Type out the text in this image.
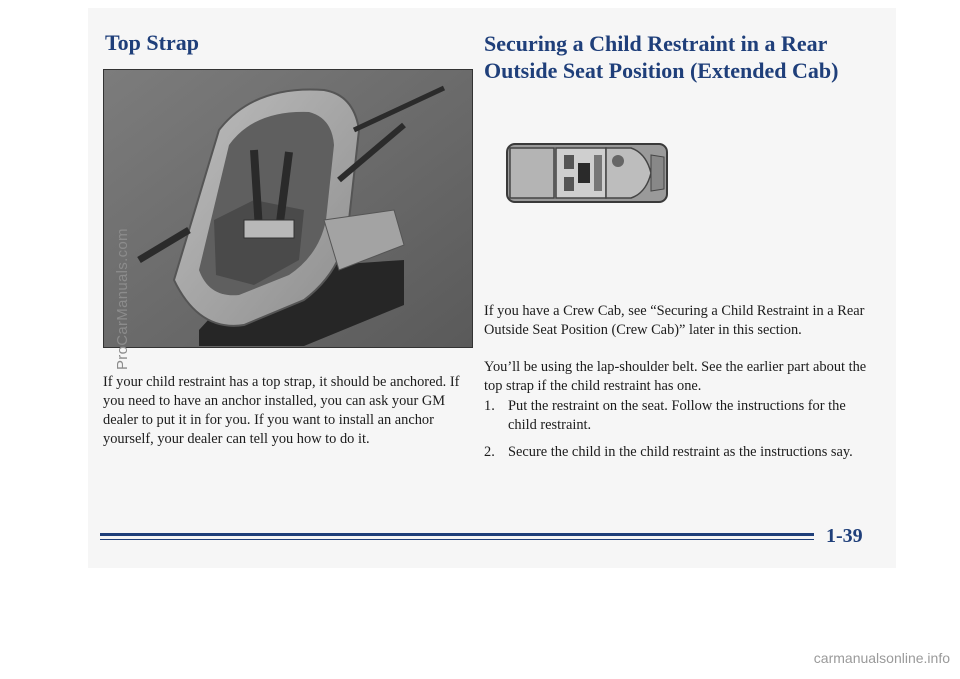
Top Strap	Securing a Child Restraint in a Rear Outside Seat Position (Extended Cab)

If your child restraint has a top strap, it should be anchored. If you need to have an anchor installed, you can ask your GM dealer to put it in for you. If you want to install an anchor yourself, your dealer can tell you how to do it.

If you have a Crew Cab, see “Securing a Child Restraint in a Rear Outside Seat Position (Crew Cab)” later in this section.

You’ll be using the lap-shoulder belt. See the earlier part about the top strap if the child restraint has one.

1. Put the restraint on the seat. Follow the instructions for the child restraint.
2. Secure the child in the child restraint as the instructions say.

1-39

ProCarManuals.com
carmanualsonline.info
